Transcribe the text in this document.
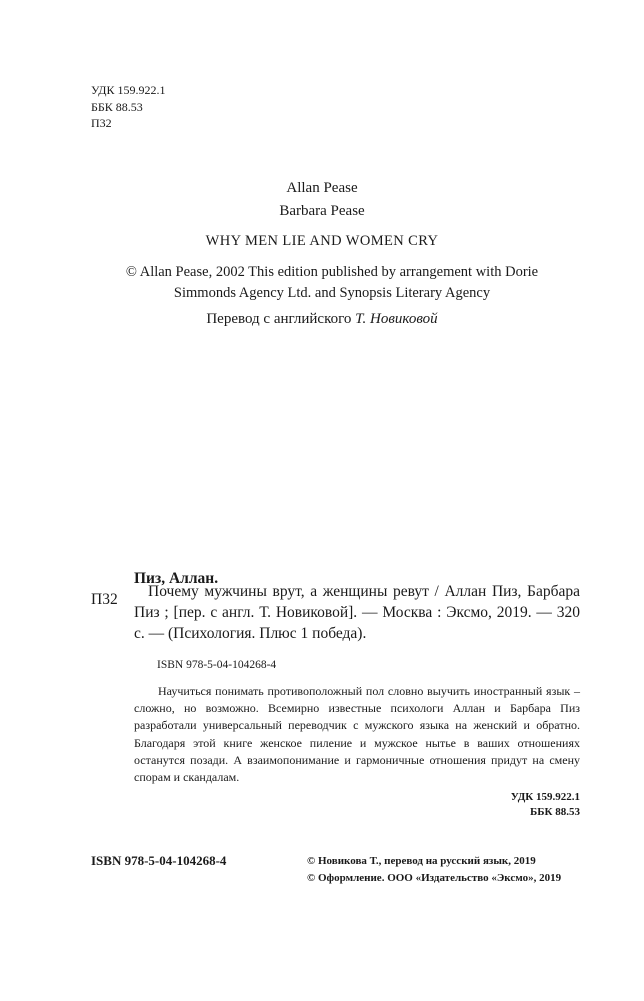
УДК 159.922.1
ББК 88.53
П32
Allan Pease
Barbara Pease
WHY MEN LIE AND WOMEN CRY
© Allan Pease, 2002 This edition published by arrangement with Dorie Simmonds Agency Ltd. and Synopsis Literary Agency
Перевод с английского Т. Новиковой
Пиз, Аллан.
П32	Почему мужчины врут, а женщины ревут / Аллан Пиз, Барбара Пиз ; [пер. с англ. Т. Новиковой]. — Москва : Эксмо, 2019. — 320 с. — (Психология. Плюс 1 победа).
ISBN 978-5-04-104268-4
Научиться понимать противоположный пол словно выучить иностранный язык – сложно, но возможно. Всемирно известные психологи Аллан и Барбара Пиз разработали универсальный переводчик с мужского языка на женский и обратно. Благодаря этой книге женское пиление и мужское нытье в ваших отношениях останутся позади. А взаимопонимание и гармоничные отношения придут на смену спорам и скандалам.
УДК 159.922.1
ББК 88.53
ISBN 978-5-04-104268-4	© Новикова Т., перевод на русский язык, 2019
© Оформление. ООО «Издательство «Эксмо», 2019
